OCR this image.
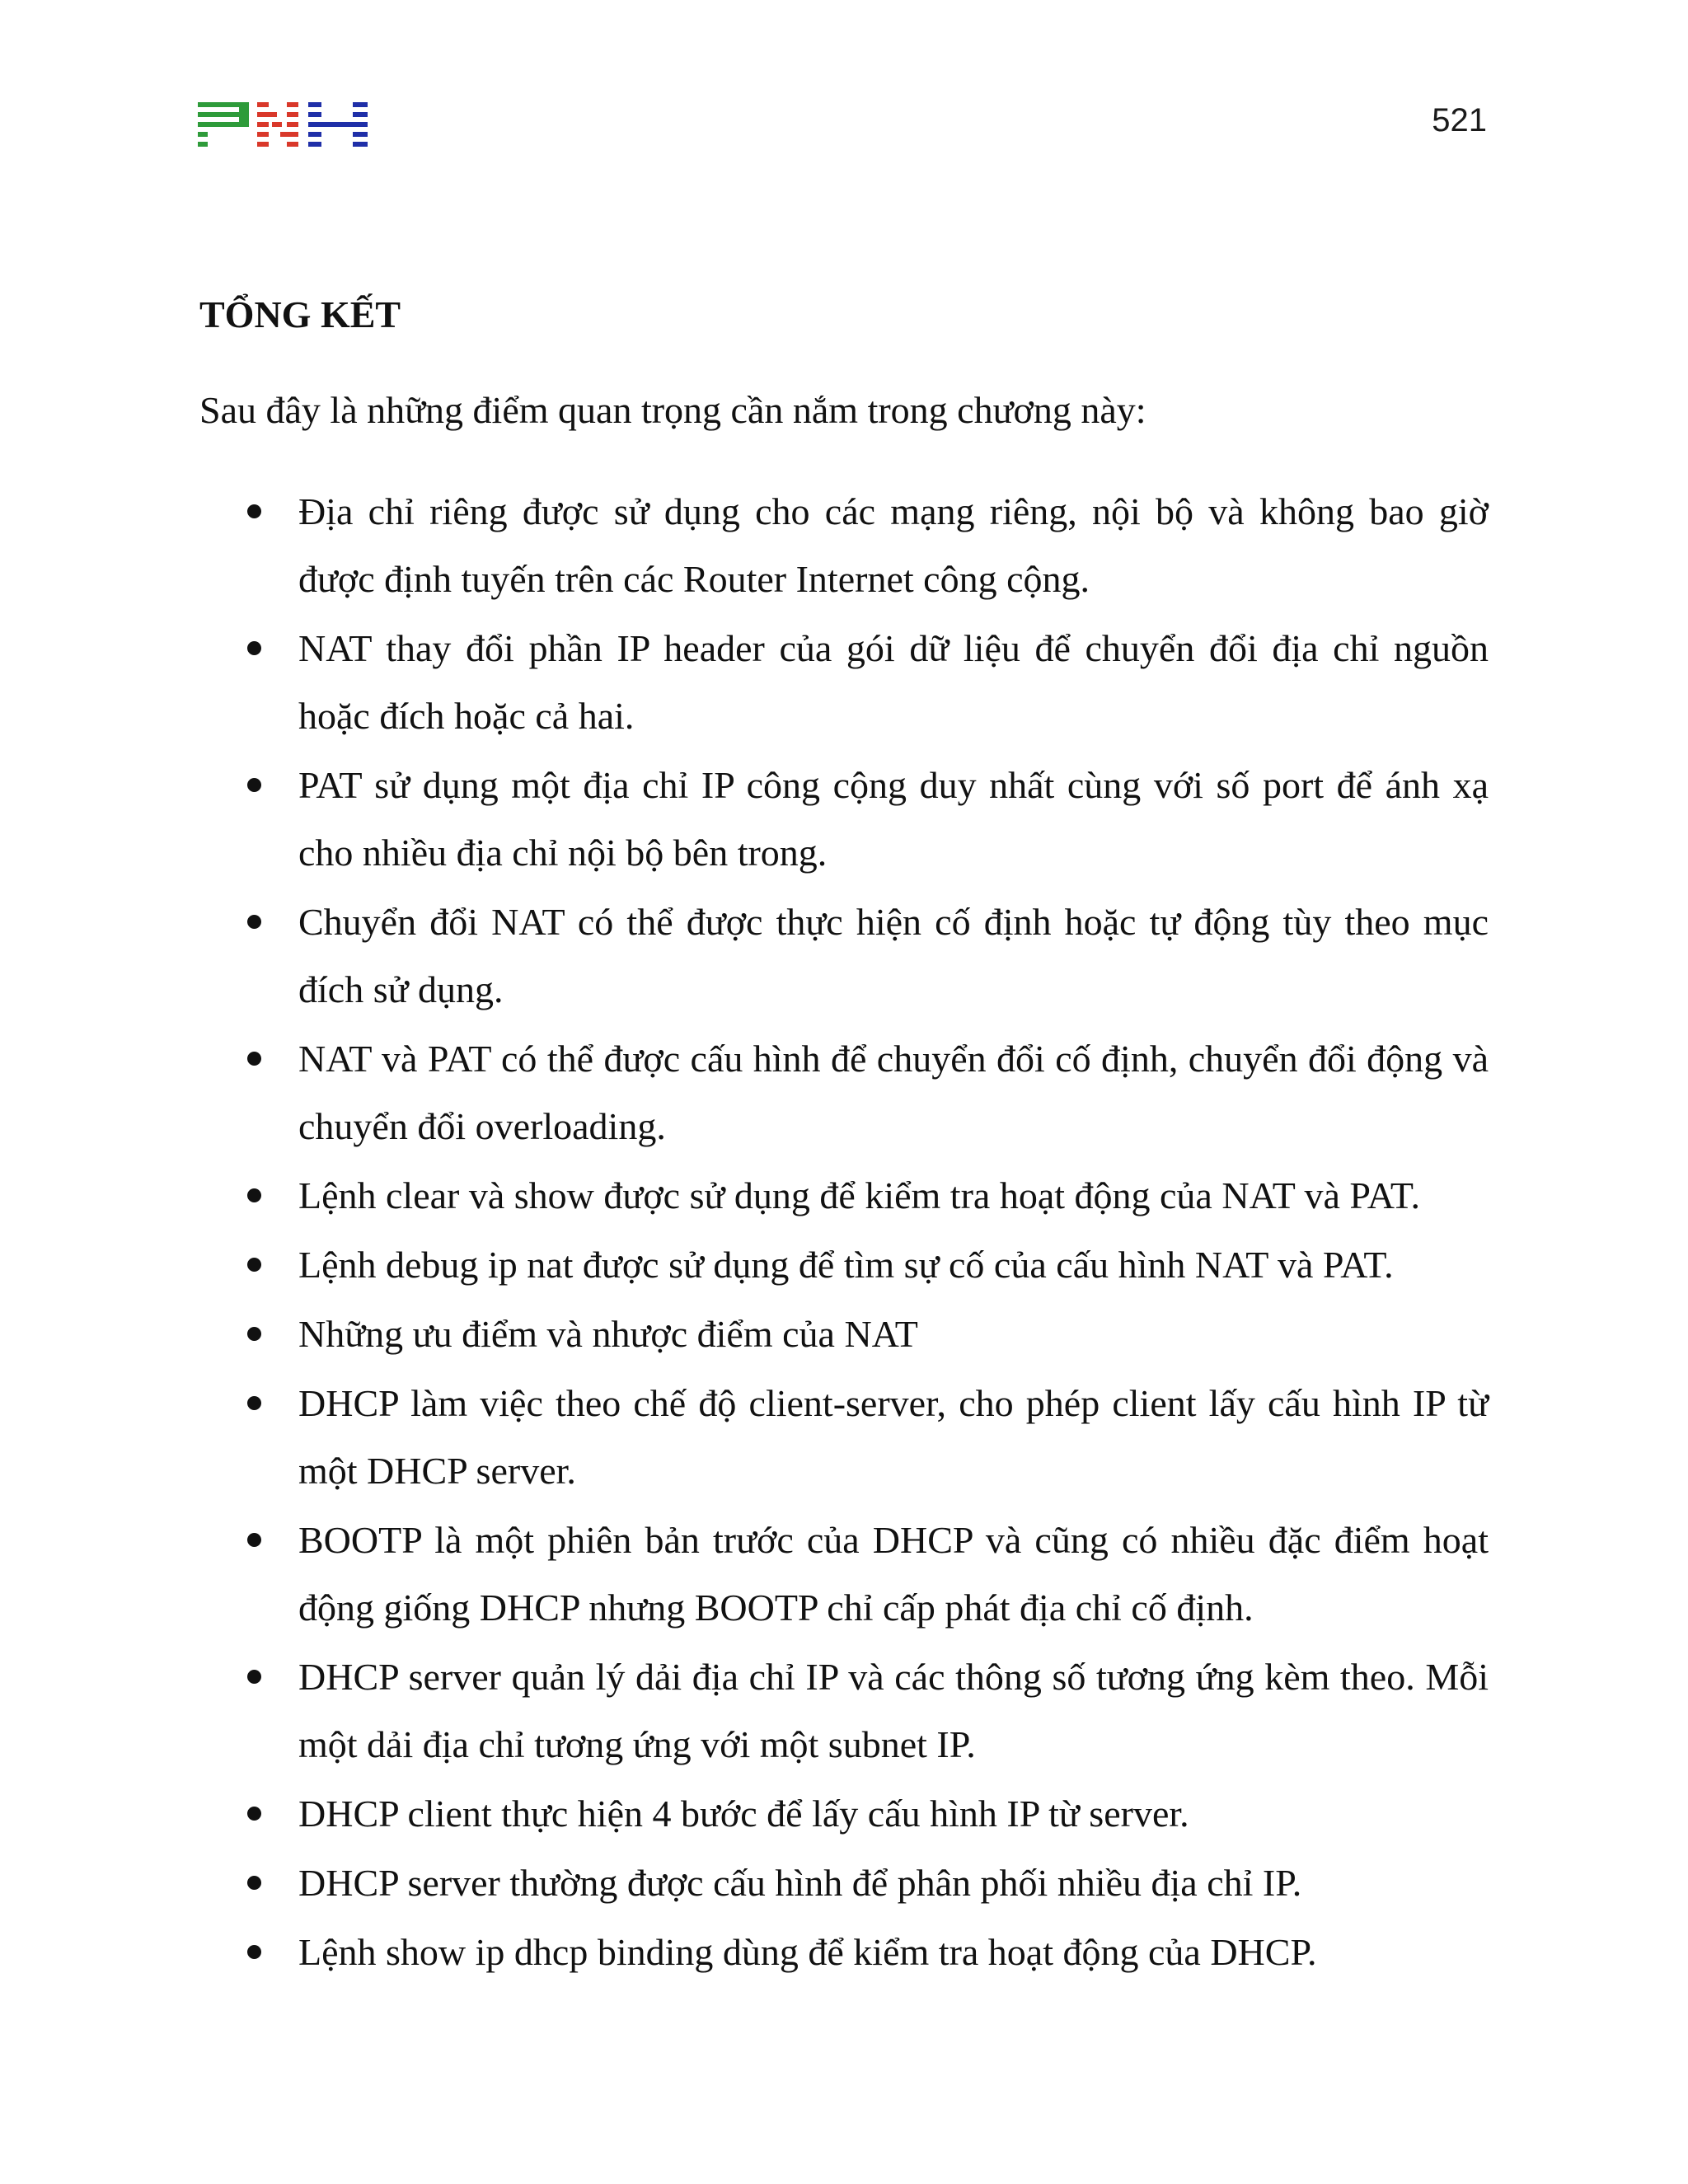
521
TỔNG KẾT

Sau đây là những điểm quan trọng cần nắm trong chương này:

Địa chỉ riêng được sử dụng cho các mạng riêng, nội bộ và không bao giờ được định tuyến trên các Router Internet công cộng.
NAT thay đổi phần IP header của gói dữ liệu để chuyển đổi địa chỉ nguồn hoặc đích hoặc cả hai.
PAT sử dụng một địa chỉ IP công cộng duy nhất cùng với số port để ánh xạ cho nhiều địa chỉ nội bộ bên trong.
Chuyển đổi NAT có thể được thực hiện cố định hoặc tự động tùy theo mục đích sử dụng.
NAT và PAT có thể được cấu hình để chuyển đổi cố định, chuyển đổi động và chuyển đổi overloading.
Lệnh clear và show được sử dụng để kiểm tra hoạt động của NAT và PAT.
Lệnh debug ip nat được sử dụng để tìm sự cố của cấu hình NAT và PAT.
Những ưu điểm và nhược điểm của NAT
DHCP làm việc theo chế độ client-server, cho phép client lấy cấu hình IP từ một DHCP server.
BOOTP là một phiên bản trước của DHCP và cũng có nhiều đặc điểm hoạt động giống DHCP nhưng BOOTP chỉ cấp phát địa chỉ cố định.
DHCP server quản lý dải địa chỉ IP và các thông số tương ứng kèm theo. Mỗi một dải địa chỉ tương ứng với một subnet IP.
DHCP client thực hiện 4 bước để lấy cấu hình IP từ server.
DHCP server thường được cấu hình để phân phối nhiều địa chỉ IP.
Lệnh show ip dhcp binding dùng để kiểm tra hoạt động của DHCP.
